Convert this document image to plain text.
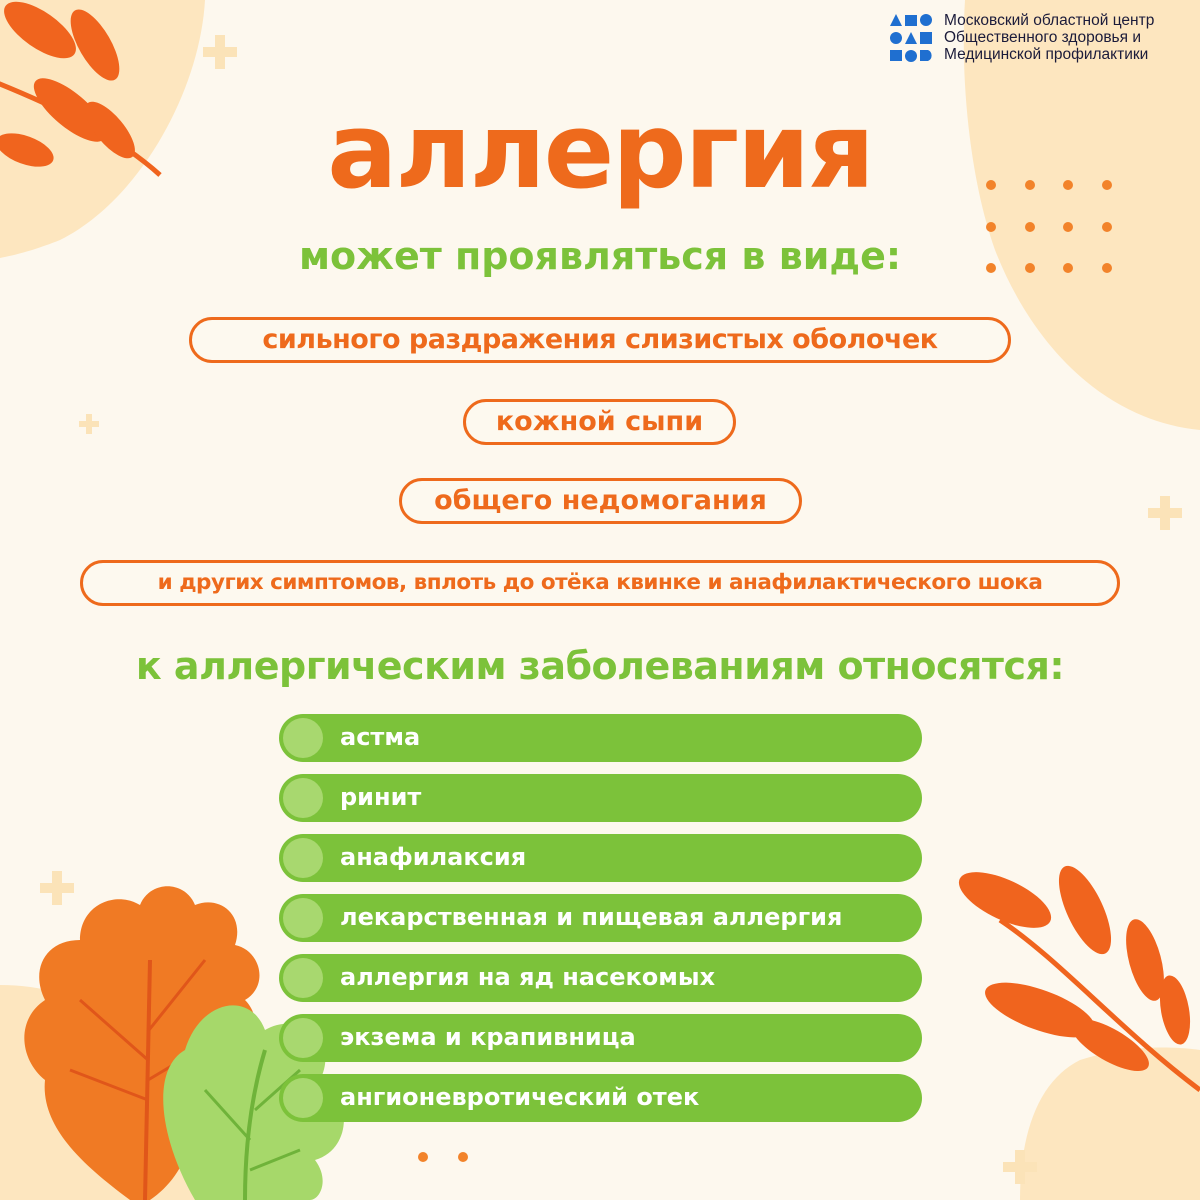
Московский областной центр
Общественного здоровья и
Медицинской профилактики
аллергия
может проявляться в виде:
сильного раздражения слизистых оболочек
кожной сыпи
общего недомогания
и других симптомов, вплоть до отёка квинке и анафилактического шока
к аллергическим заболеваниям относятся:
астма
ринит
анафилаксия
лекарственная и пищевая аллергия
аллергия на яд насекомых
экзема и крапивница
ангионевротический отек
